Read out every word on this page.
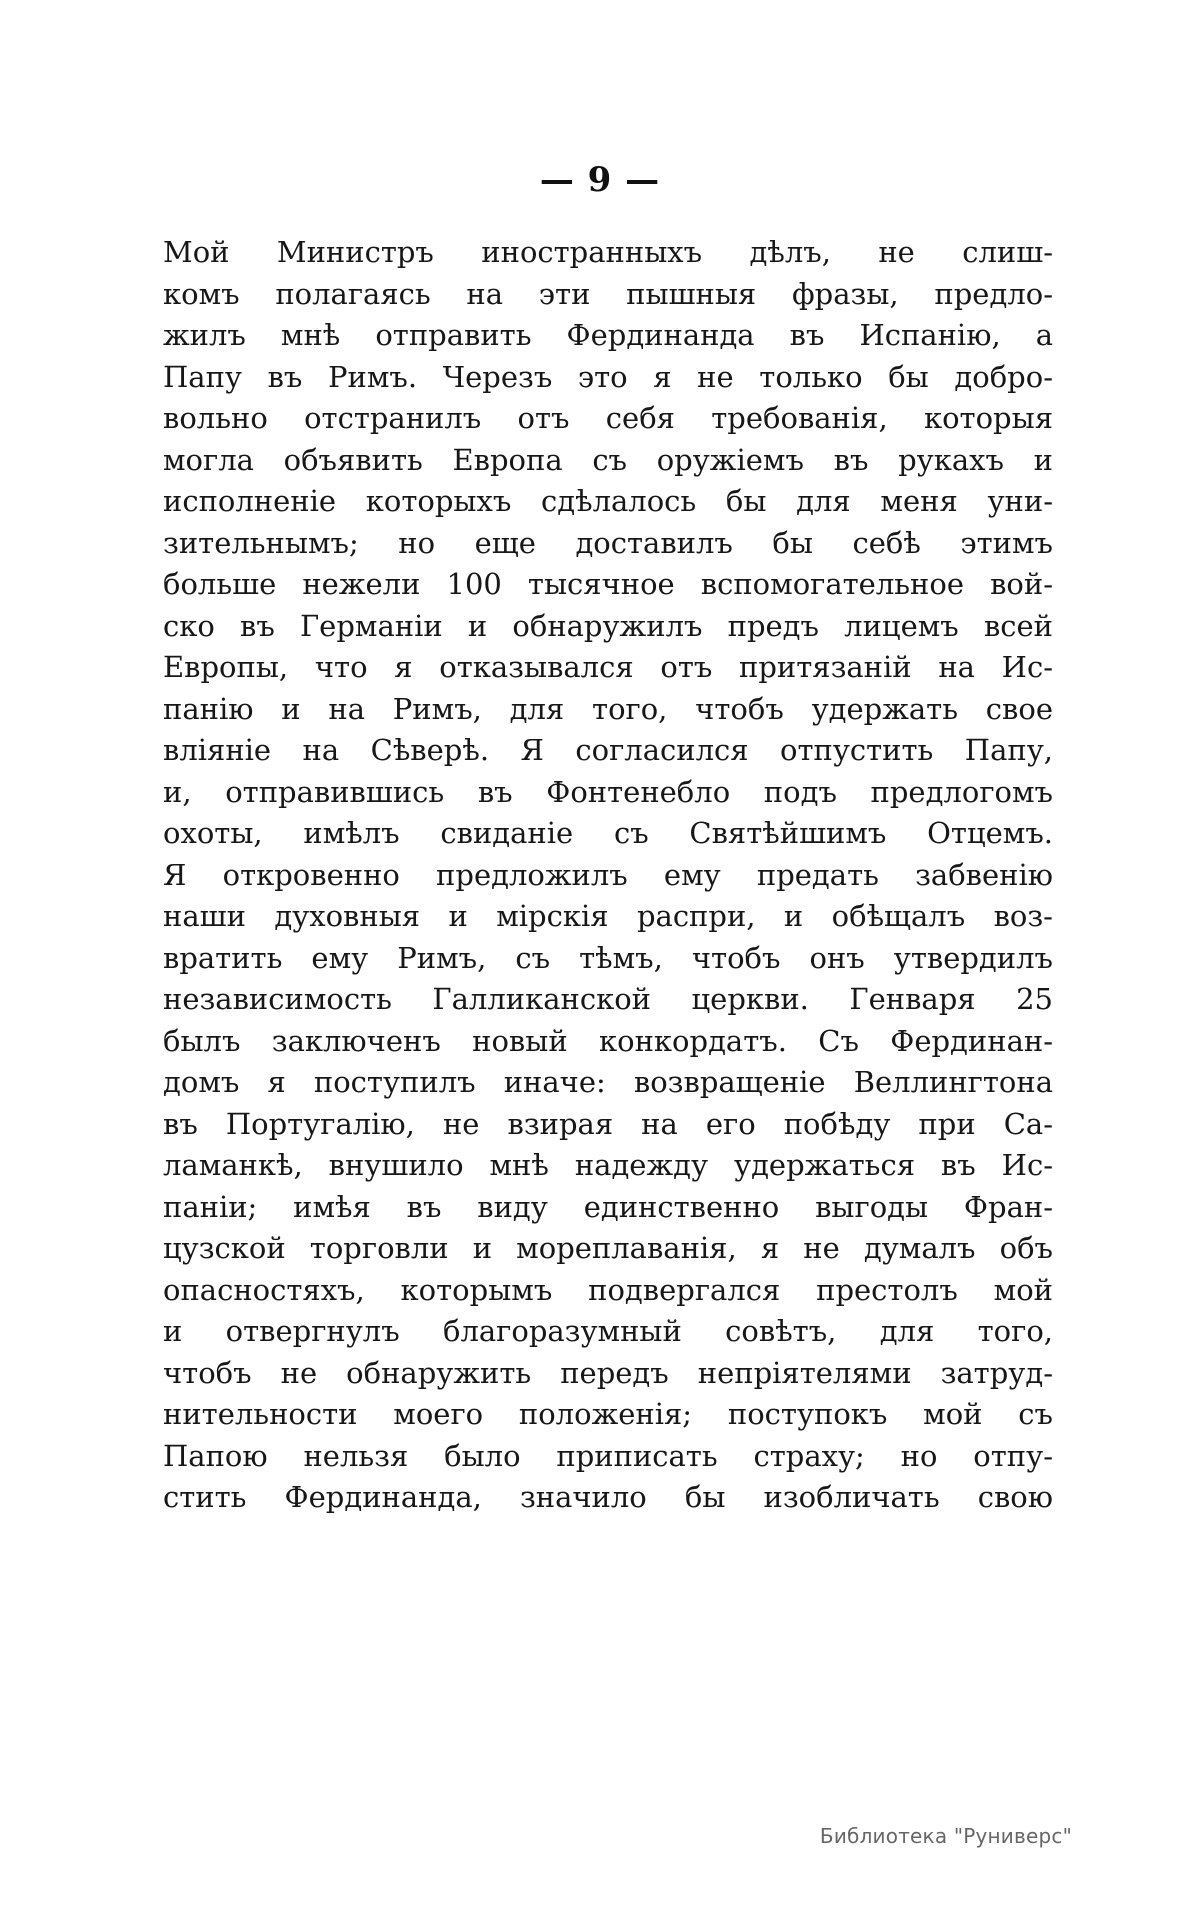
— 9 —
Мой Министръ иностранныхъ дѣлъ, не слиш-
комъ полагаясь на эти пышныя фразы, предло-
жилъ мнѣ отправить Фердинанда въ Испанію, а
Папу въ Римъ. Черезъ это я не только бы добро-
вольно отстранилъ отъ себя требованія, которыя
могла объявить Европа съ оружіемъ въ рукахъ и
исполненіе которыхъ сдѣлалось бы для меня уни-
зительнымъ; но еще доставилъ бы себѣ этимъ
больше нежели 100 тысячное вспомогательное вой-
ско въ Германіи и обнаружилъ предъ лицемъ всей
Европы, что я отказывался отъ притязаній на Ис-
панію и на Римъ, для того, чтобъ удержать свое
вліяніе на Сѣверѣ. Я согласился отпустить Папу,
и, отправившись въ Фонтенебло подъ предлогомъ
охоты, имѣлъ свиданіе съ Святѣйшимъ Отцемъ.
Я откровенно предложилъ ему предать забвенію
наши духовныя и мірскія распри, и обѣщалъ воз-
вратить ему Римъ, съ тѣмъ, чтобъ онъ утвердилъ
независимость Галликанской церкви. Генваря 25
былъ заключенъ новый конкордатъ. Съ Фердинан-
домъ я поступилъ иначе: возвращеніе Веллингтона
въ Португалію, не взирая на его побѣду при Са-
ламанкѣ, внушило мнѣ надежду удержаться въ Ис-
паніи; имѣя въ виду единственно выгоды Фран-
цузской торговли и мореплаванія, я не думалъ объ
опасностяхъ, которымъ подвергался престолъ мой
и отвергнулъ благоразумный совѣтъ, для того,
чтобъ не обнаружить передъ непріятелями затруд-
нительности моего положенія; поступокъ мой съ
Папою нельзя было приписать страху; но отпу-
стить Фердинанда, значило бы изобличать свою
Библиотека "Руниверс"
